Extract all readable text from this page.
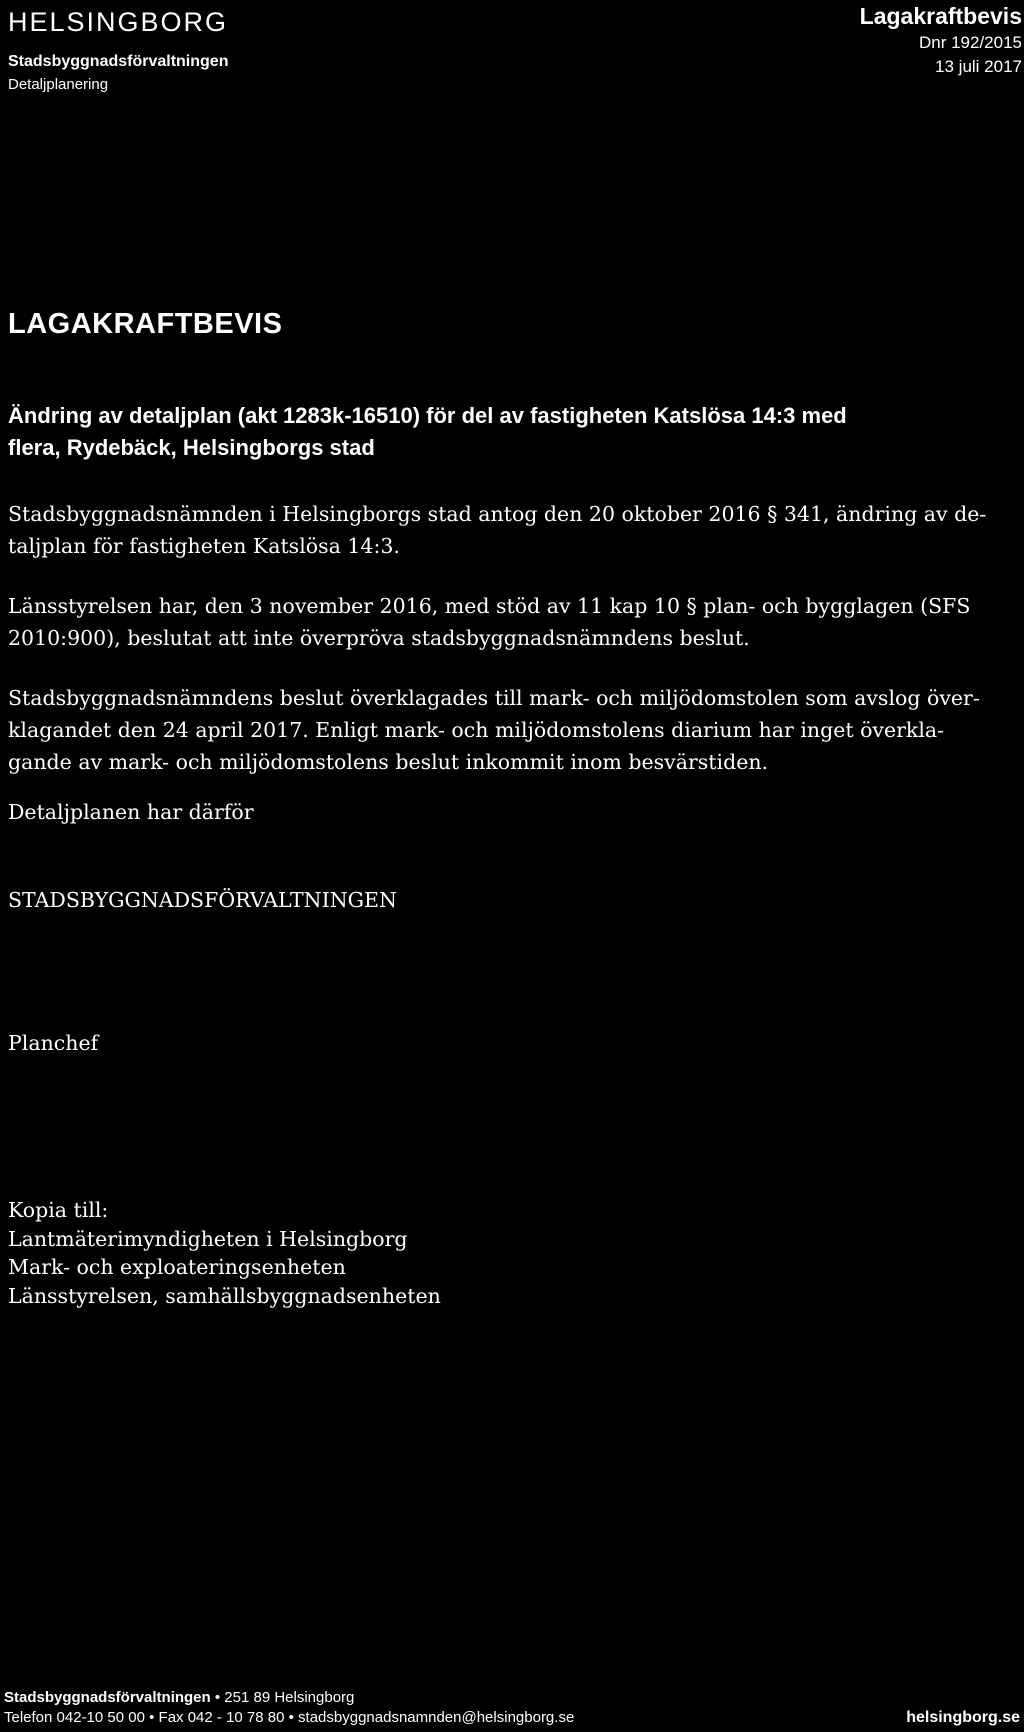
HELSINGBORG
Stadsbyggnadsförvaltningen
Detaljplanering
Lagakraftbevis
Dnr 192/2015
13 juli 2017
LAGAKRAFTBEVIS
Ändring av detaljplan (akt 1283k-16510) för del av fastigheten Katslösa 14:3 med
flera, Rydebäck, Helsingborgs stad
Stadsbyggnadsnämnden i Helsingborgs stad antog den 20 oktober 2016 § 341, ändring av de-
taljplan för fastigheten Katslösa 14:3.
Länsstyrelsen har, den 3 november 2016, med stöd av 11 kap 10 § plan- och bygglagen (SFS
2010:900), beslutat att inte överpröva stadsbyggnadsnämndens beslut.
Stadsbyggnadsnämndens beslut överklagades till mark- och miljödomstolen som avslog över-
klagandet den 24 april 2017. Enligt mark- och miljödomstolens diarium har inget överkla-
gande av mark- och miljödomstolens beslut inkommit inom besvärstiden.
Detaljplanen har därför
STADSBYGGNADSFÖRVALTNINGEN
Planchef
Kopia till:
Lantmäterimyndigheten i Helsingborg
Mark- och exploateringsenheten
Länsstyrelsen, samhällsbyggnadsenheten
Stadsbyggnadsförvaltningen • 251 89 Helsingborg
Telefon 042-10 50 00 • Fax 042 - 10 78 80 • stadsbyggnadsnamnden@helsingborg.se	helsingborg.se
